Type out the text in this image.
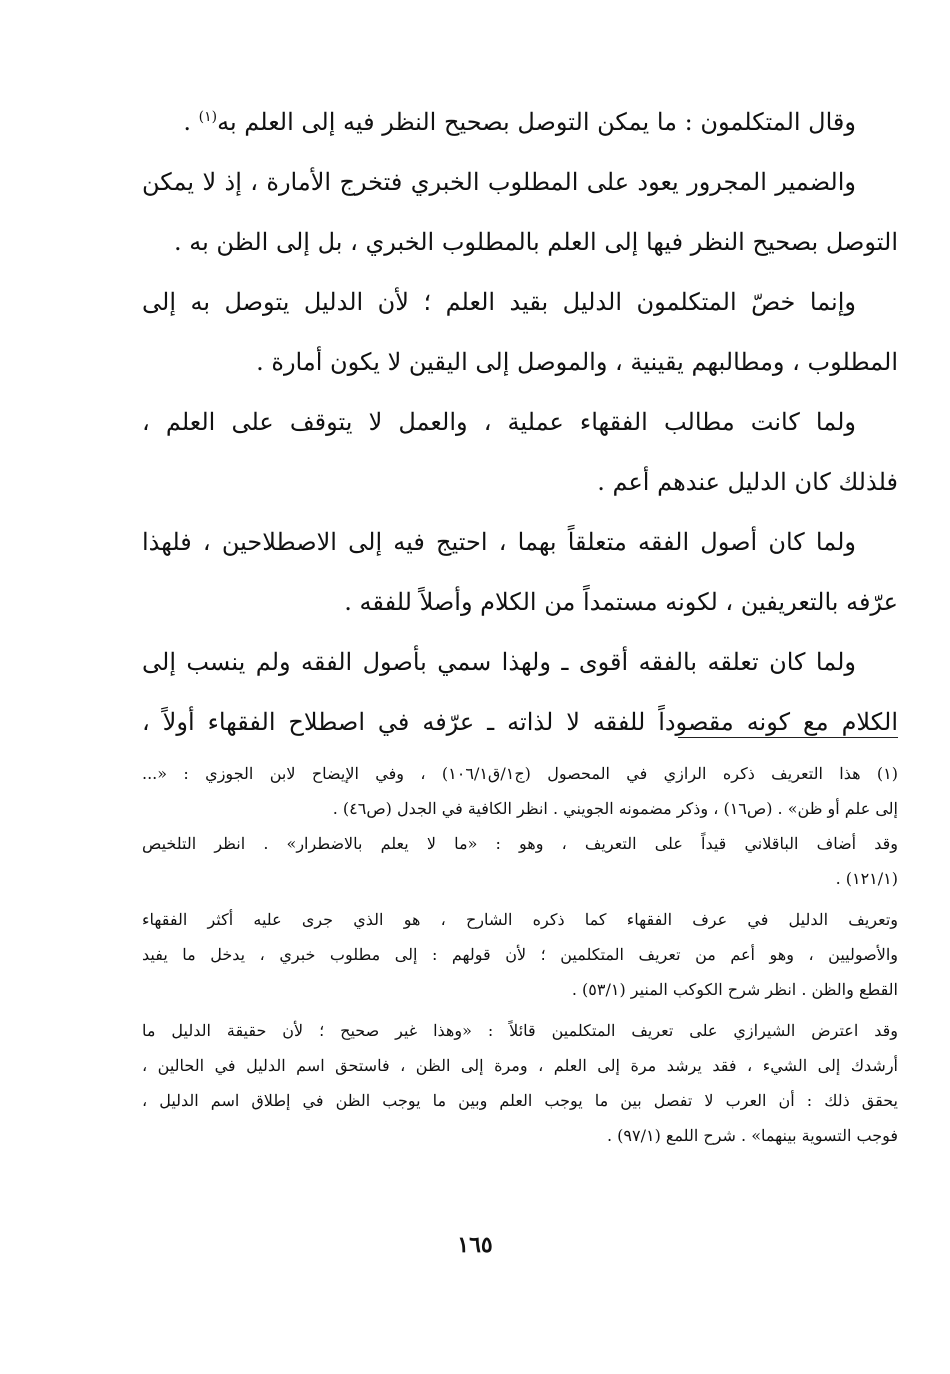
وقال المتكلمون : ما يمكن التوصل بصحيح النظر فيه إلى العلم به$^{(١)}$ .
والضمير المجرور يعود على المطلوب الخبري فتخرج الأمارة ، إذ لا يمكن
التوصل بصحيح النظر فيها إلى العلم بالمطلوب الخبري ، بل إلى الظن به .
وإنما خصّ المتكلمون الدليل بقيد العلم ؛ لأن الدليل يتوصل به إلى
المطلوب ، ومطالبهم يقينية ، والموصل إلى اليقين لا يكون أمارة .
ولما كانت مطالب الفقهاء عملية ، والعمل لا يتوقف على العلم ،
فلذلك كان الدليل عندهم أعم .
ولما كان أصول الفقه متعلقاً بهما ، احتيج فيه إلى الاصطلاحين ، فلهذا
عرّفه بالتعريفين ، لكونه مستمداً من الكلام وأصلاً للفقه .
ولما كان تعلقه بالفقه أقوى ـ ولهذا سمي بأصول الفقه ولم ينسب إلى
الكلام مع كونه مقصوداً للفقه لا لذاته ـ عرّفه في اصطلاح الفقهاء أولاً ،
(١) هذا التعريف ذكره الرازي في المحصول (ج١/ق١٠٦/١) ، وفي الإيضاح لابن الجوزي : «...
إلى علم أو ظن» . (ص١٦) ، وذكر مضمونه الجويني . انظر الكافية في الجدل (ص٤٦) .
وقد أضاف الباقلاني قيداً على التعريف ، وهو : «ما لا يعلم بالاضطرار» . انظر التلخيص
(١٢١/١) .
وتعريف الدليل في عرف الفقهاء كما ذكره الشارح ، هو الذي جرى عليه أكثر الفقهاء
والأصوليين ، وهو أعم من تعريف المتكلمين ؛ لأن قولهم : إلى مطلوب خبري ، يدخل ما يفيد
القطع والظن . انظر شرح الكوكب المنير (٥٣/١) .
وقد اعترض الشيرازي على تعريف المتكلمين قائلاً : «وهذا غير صحيح ؛ لأن حقيقة الدليل ما
أرشدك إلى الشيء ، فقد يرشد مرة إلى العلم ، ومرة إلى الظن ، فاستحق اسم الدليل في الحالين ،
يحقق ذلك : أن العرب لا تفصل بين ما يوجب العلم وبين ما يوجب الظن في إطلاق اسم الدليل ،
فوجب التسوية بينهما» . شرح اللمع (٩٧/١) .
١٦٥
